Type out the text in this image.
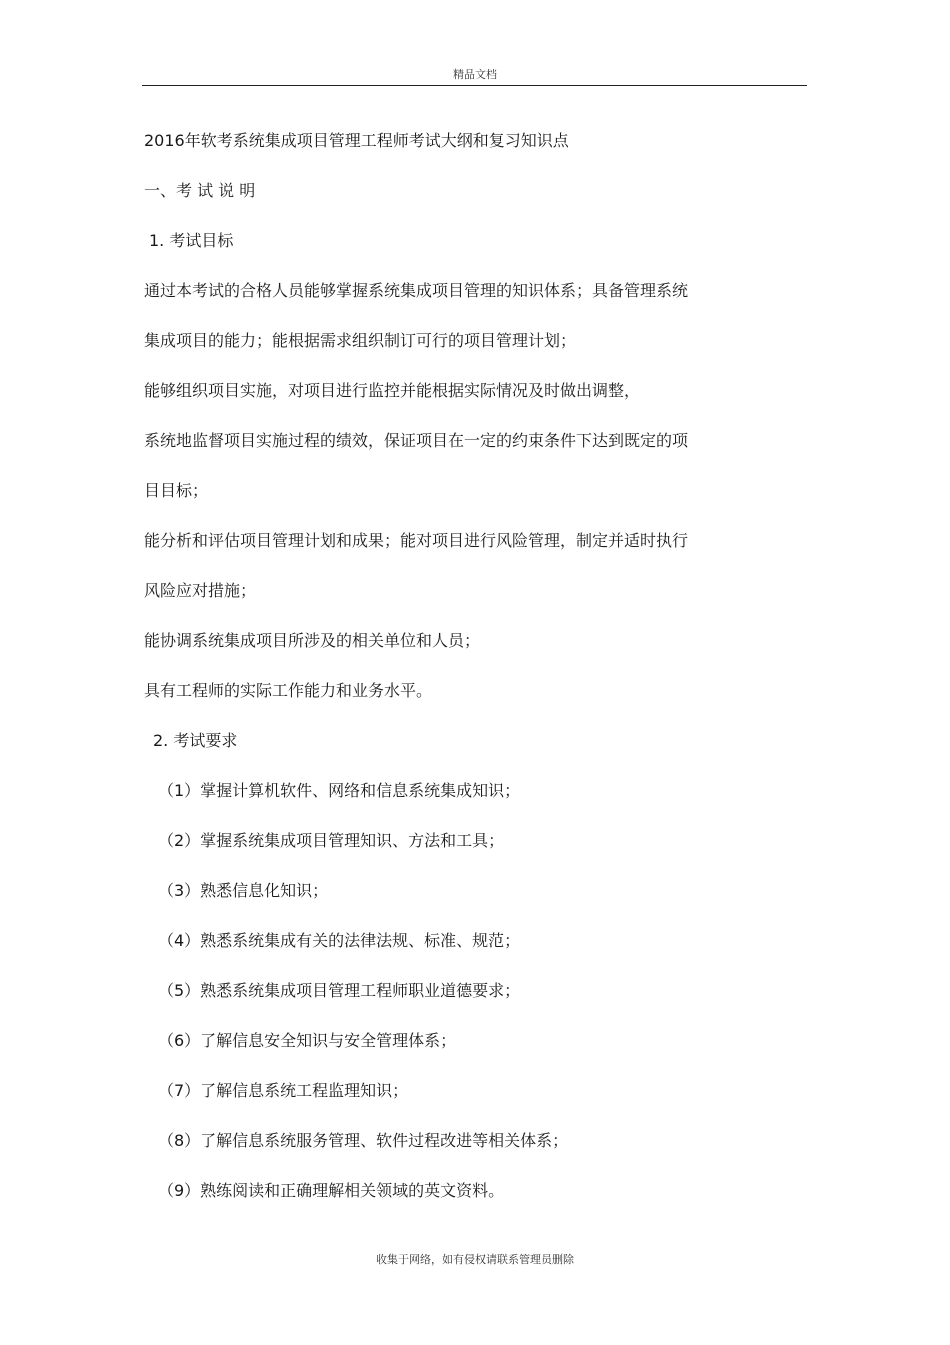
精品文档
2016年软考系统集成项目管理工程师考试大纲和复习知识点
一、考 试 说 明
1. 考试目标
通过本考试的合格人员能够掌握系统集成项目管理的知识体系；具备管理系统
集成项目的能力；能根据需求组织制订可行的项目管理计划；
能够组织项目实施，对项目进行监控并能根据实际情况及时做出调整，
系统地监督项目实施过程的绩效，保证项目在一定的约束条件下达到既定的项
目目标；
能分析和评估项目管理计划和成果；能对项目进行风险管理，制定并适时执行
风险应对措施；
能协调系统集成项目所涉及的相关单位和人员；
具有工程师的实际工作能力和业务水平。
2. 考试要求
（1）掌握计算机软件、网络和信息系统集成知识；
（2）掌握系统集成项目管理知识、方法和工具；
（3）熟悉信息化知识；
（4）熟悉系统集成有关的法律法规、标准、规范；
（5）熟悉系统集成项目管理工程师职业道德要求；
（6）了解信息安全知识与安全管理体系；
（7）了解信息系统工程监理知识；
（8）了解信息系统服务管理、软件过程改进等相关体系；
（9）熟练阅读和正确理解相关领域的英文资料。
收集于网络，如有侵权请联系管理员删除
